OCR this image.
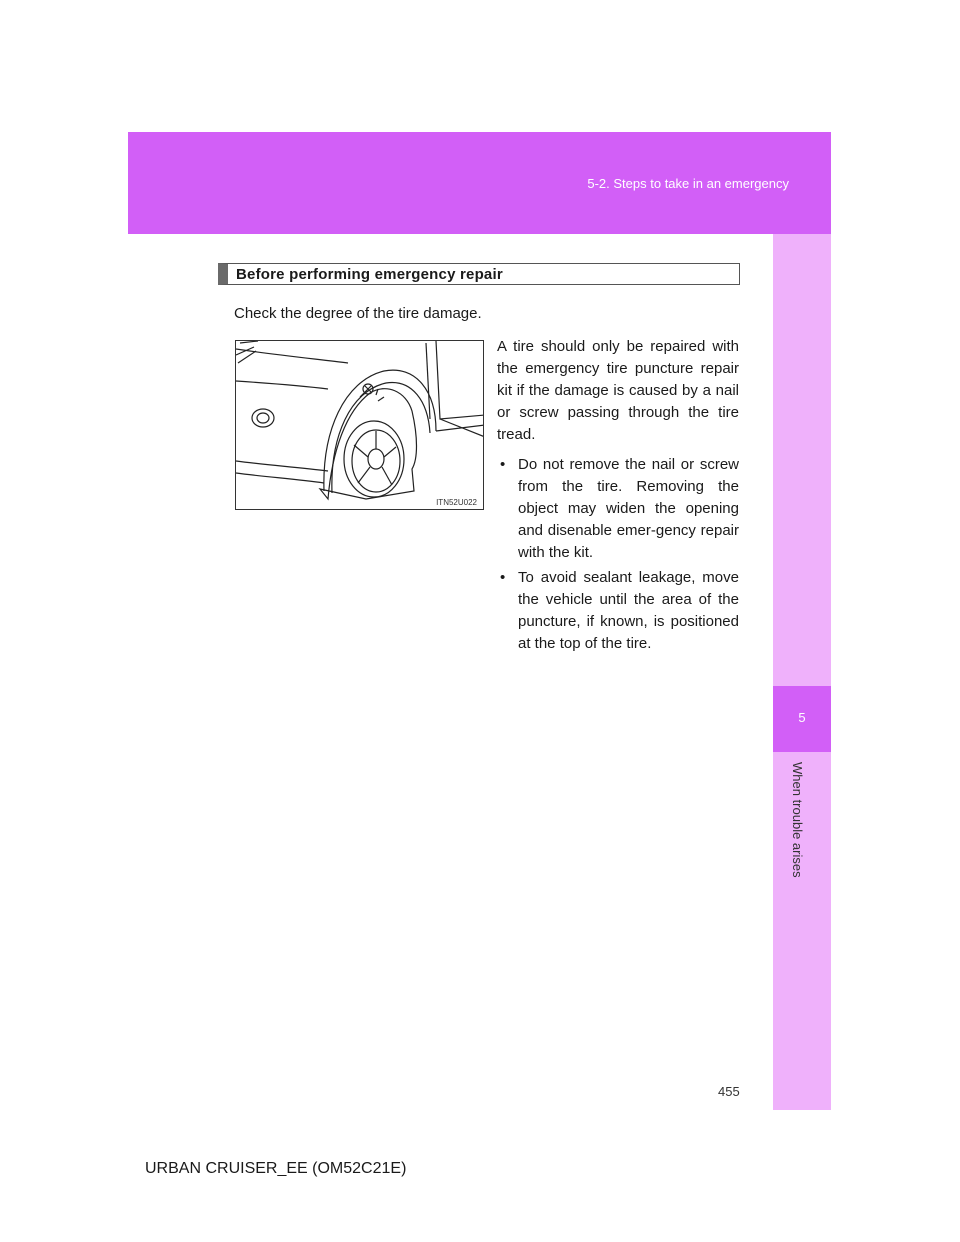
5-2. Steps to take in an emergency
5
When trouble arises
Before performing emergency repair
Check the degree of the tire damage.
ITN52U022

A tire should only be repaired with the emergency tire puncture repair kit if the damage is caused by a nail or screw passing through the tire tread.

• Do not remove the nail or screw from the tire. Removing the object may widen the opening and disenable emer-gency repair with the kit.
• To avoid sealant leakage, move the vehicle until the area of the puncture, if known, is positioned at the top of the tire.
455
URBAN CRUISER_EE (OM52C21E)
